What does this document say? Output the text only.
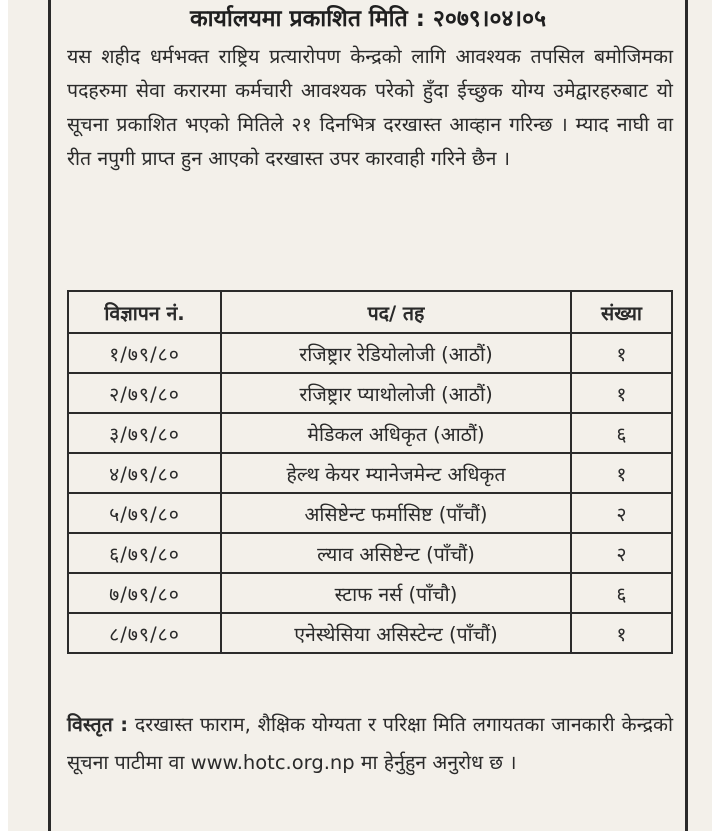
कार्यालयमा प्रकाशित मिति : २०७९।०४।०५
यस शहीद धर्मभक्त राष्ट्रिय प्रत्यारोपण केन्द्रको लागि आवश्यक तपसिल बमोजिमका पदहरुमा सेवा करारमा कर्मचारी आवश्यक परेको हुँदा ईच्छुक योग्य उमेद्वारहरुबाट यो सूचना प्रकाशित भएको मितिले २१ दिनभित्र दरखास्त आव्हान गरिन्छ । म्याद नाघी वा रीत नपुगी प्राप्त हुन आएको दरखास्त उपर कारवाही गरिने छैन ।
विज्ञापन नं.	पद/ तह	संख्या
१/७९/८०	रजिष्ट्रार रेडियोलोजी (आठौं)	१
२/७९/८०	रजिष्ट्रार प्याथोलोजी (आठौं)	१
३/७९/८०	मेडिकल अधिकृत (आठौं)	६
४/७९/८०	हेल्थ केयर म्यानेजमेन्ट अधिकृत	१
५/७९/८०	असिष्टेन्ट फर्मासिष्ट (पाँचौं)	२
६/७९/८०	ल्याव असिष्टेन्ट (पाँचौं)	२
७/७९/८०	स्टाफ नर्स (पाँचौ)	६
८/७९/८०	एनेस्थेसिया असिस्टेन्ट (पाँचौं)	१
विस्तृत : दरखास्त फाराम, शैक्षिक योग्यता र परिक्षा मिति लगायतका जानकारी केन्द्रको सूचना पाटीमा वा www.hotc.org.np मा हेर्नुहुन अनुरोध छ ।
